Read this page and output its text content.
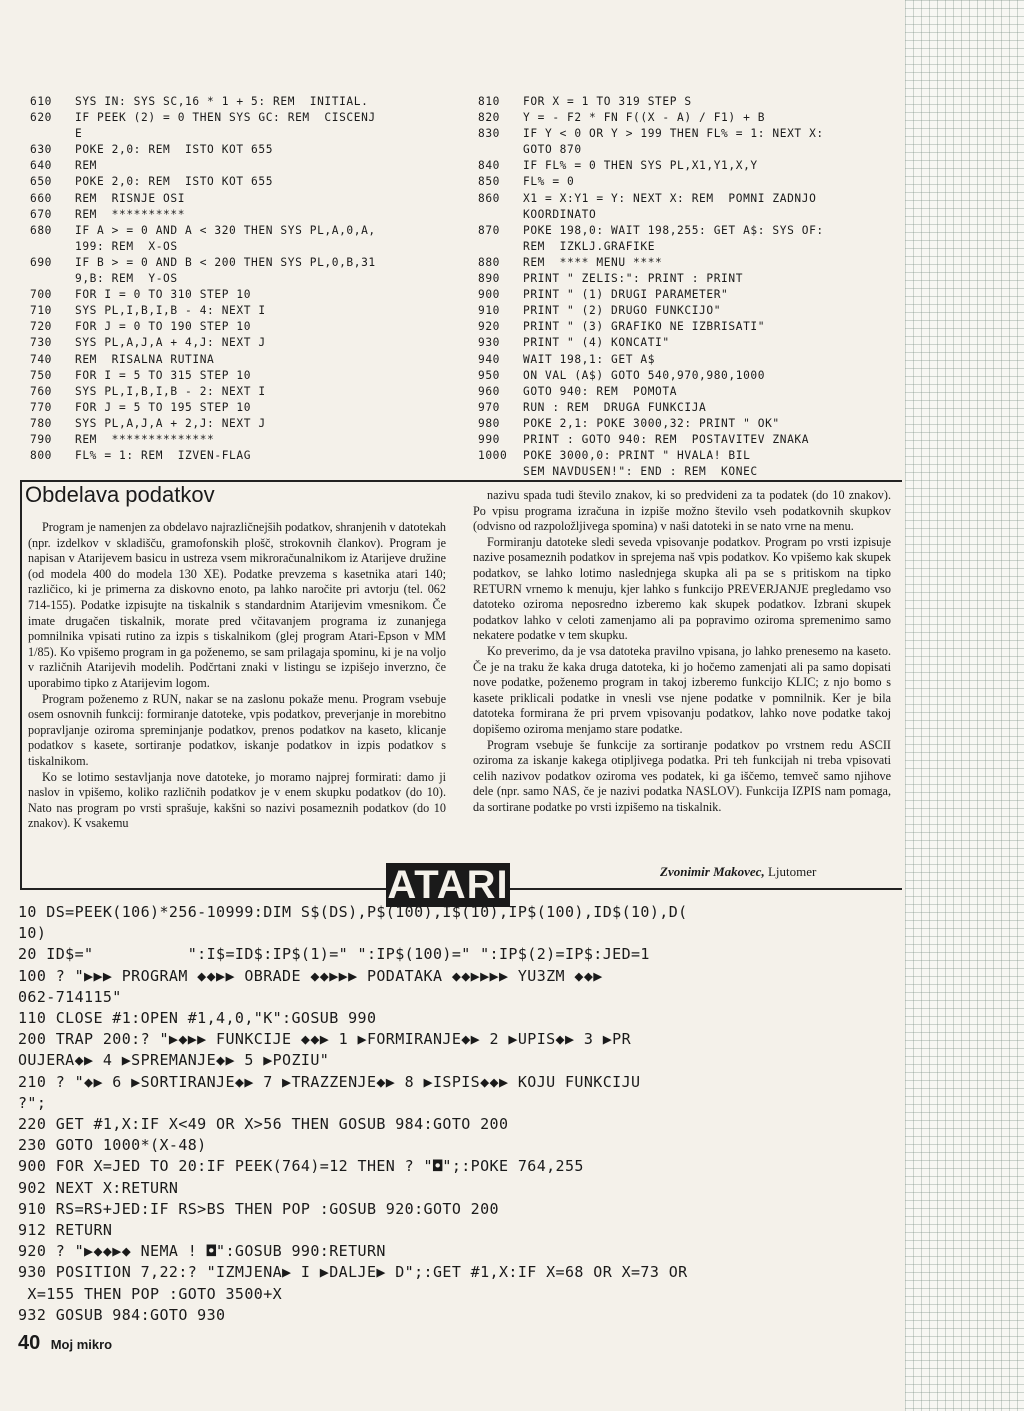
610	SYS IN: SYS SC,16 * 1 + 5: REM  INITIAL.
620	IF PEEK (2) = 0 THEN SYS GC: REM  CISCENJ
E
630	POKE 2,0: REM  ISTO KOT 655
640	REM
650	POKE 2,0: REM  ISTO KOT 655
660	REM  RISNJE OSI
670	REM  **********
680	IF A > = 0 AND A < 320 THEN SYS PL,A,0,A,
199: REM  X-OS
690	IF B > = 0 AND B < 200 THEN SYS PL,0,B,31
9,B: REM  Y-OS
700	FOR I = 0 TO 310 STEP 10
710	SYS PL,I,B,I,B - 4: NEXT I
720	FOR J = 0 TO 190 STEP 10
730	SYS PL,A,J,A + 4,J: NEXT J
740	REM  RISALNA RUTINA
750	FOR I = 5 TO 315 STEP 10
760	SYS PL,I,B,I,B - 2: NEXT I
770	FOR J = 5 TO 195 STEP 10
780	SYS PL,A,J,A + 2,J: NEXT J
790	REM  **************
800	FL% = 1: REM  IZVEN-FLAG
810	FOR X = 1 TO 319 STEP S
820	Y = - F2 * FN F((X - A) / F1) + B
830	IF Y < 0 OR Y > 199 THEN FL% = 1: NEXT X:
GOTO 870
840	IF FL% = 0 THEN SYS PL,X1,Y1,X,Y
850	FL% = 0
860	X1 = X:Y1 = Y: NEXT X: REM  POMNI ZADNJO
KOORDINATO
870	POKE 198,0: WAIT 198,255: GET A$: SYS OF:
REM  IZKLJ.GRAFIKE
880	REM  **** MENU ****
890	PRINT " ZELIS:": PRINT : PRINT
900	PRINT " (1) DRUGI PARAMETER"
910	PRINT " (2) DRUGO FUNKCIJO"
920	PRINT " (3) GRAFIKO NE IZBRISATI"
930	PRINT " (4) KONCATI"
940	WAIT 198,1: GET A$
950	ON VAL (A$) GOTO 540,970,980,1000
960	GOTO 940: REM  POMOTA
970	RUN : REM  DRUGA FUNKCIJA
980	POKE 2,1: POKE 3000,32: PRINT " OK"
990	PRINT : GOTO 940: REM  POSTAVITEV ZNAKA
1000	POKE 3000,0: PRINT " HVALA! BIL
SEM NAVDUSEN!": END : REM  KONEC
Obdelava podatkov

Program je namenjen za obdelavo najrazličnejših podatkov, shranjenih v datotekah (npr. izdelkov v skladišču, gramofonskih plošč, strokovnih člankov). Program je napisan v Atarijevem basicu in ustreza vsem mikroračunalnikom iz Atarijeve družine (od modela 400 do modela 130 XE). Podatke prevzema s kasetnika atari 140; različico, ki je primerna za diskovno enoto, pa lahko naročite pri avtorju (tel. 062 714-155). Podatke izpisujte na tiskalnik s standardnim Atarijevim vmesnikom. Če imate drugačen tiskalnik, morate pred včitavanjem programa iz zunanjega pomnilnika vpisati rutino za izpis s tiskalnikom (glej program Atari-Epson v MM 1/85). Ko vpišemo program in ga poženemo, se sam prilagaja spominu, ki je na voljo v različnih Atarijevih modelih. Podčrtani znaki v listingu se izpišejo inverzno, če uporabimo tipko z Atarijevim logom.

Program poženemo z RUN, nakar se na zaslonu pokaže menu. Program vsebuje osem osnovnih funkcij: formiranje datoteke, vpis podatkov, preverjanje in morebitno popravljanje oziroma spreminjanje podatkov, prenos podatkov na kaseto, klicanje podatkov s kasete, sortiranje podatkov, iskanje podatkov in izpis podatkov s tiskalnikom.

Ko se lotimo sestavljanja nove datoteke, jo moramo najprej formirati: damo ji naslov in vpišemo, koliko različnih podatkov je v enem skupku podatkov (do 10). Nato nas program po vrsti sprašuje, kakšni so nazivi posameznih podatkov (do 10 znakov). K vsakemu

nazivu spada tudi število znakov, ki so predvideni za ta podatek (do 10 znakov). Po vpisu programa izračuna in izpiše možno število vseh podatkovnih skupkov (odvisno od razpoložljivega spomina) v naši datoteki in se nato vrne na menu.

Formiranju datoteke sledi seveda vpisovanje podatkov. Program po vrsti izpisuje nazive posameznih podatkov in sprejema naš vpis podatkov. Ko vpišemo kak skupek podatkov, se lahko lotimo naslednjega skupka ali pa se s pritiskom na tipko RETURN vrnemo k menuju, kjer lahko s funkcijo PREVERJANJE pregledamo vso datoteko oziroma neposredno izberemo kak skupek podatkov. Izbrani skupek podatkov lahko v celoti zamenjamo ali pa popravimo oziroma spremenimo samo nekatere podatke v tem skupku.

Ko preverimo, da je vsa datoteka pravilno vpisana, jo lahko prenesemo na kaseto. Če je na traku že kaka druga datoteka, ki jo hočemo zamenjati ali pa samo dopisati nove podatke, poženemo program in takoj izberemo funkcijo KLIC; z njo bomo s kasete priklicali podatke in vnesli vse njene podatke v pomnilnik. Ker je bila datoteka formirana že pri prvem vpisovanju podatkov, lahko nove podatke takoj dopišemo oziroma menjamo stare podatke.

Program vsebuje še funkcije za sortiranje podatkov po vrstnem redu ASCII oziroma za iskanje kakega otipljivega podatka. Pri teh funkcijah ni treba vpisovati celih nazivov podatkov oziroma ves podatek, ki ga iščemo, temveč samo njihove dele (npr. samo NAS, če je nazivi podatka NASLOV). Funkcija IZPIS nam pomaga, da sortirane podatke po vrsti izpišemo na tiskalnik.

ATARI	Zvonimir Makovec, Ljutomer
10 DS=PEEK(106)*256-10999:DIM S$(DS),P$(100),I$(10),IP$(100),ID$(10),D(
10)
20 ID$="          ":I$=ID$:IP$(1)=" ":IP$(100)=" ":IP$(2)=IP$:JED=1
100 ? "▶▶▶ PROGRAM ◆◆▶▶ OBRADE ◆◆▶▶▶ PODATAKA ◆◆▶▶▶▶ YU3ZM ◆◆▶
062-714115"
110 CLOSE #1:OPEN #1,4,0,"K":GOSUB 990
200 TRAP 200:? "▶◆▶▶ FUNKCIJE ◆◆▶ 1 ▶FORMIRANJE◆▶ 2 ▶UPIS◆▶ 3 ▶PR
OUJERA◆▶ 4 ▶SPREMANJE◆▶ 5 ▶POZIU"
210 ? "◆▶ 6 ▶SORTIRANJE◆▶ 7 ▶TRAZZENJE◆▶ 8 ▶ISPIS◆◆▶ KOJU FUNKCIJU
?";
220 GET #1,X:IF X<49 OR X>56 THEN GOSUB 984:GOTO 200
230 GOTO 1000*(X-48)
900 FOR X=JED TO 20:IF PEEK(764)=12 THEN ? "◘";:POKE 764,255
902 NEXT X:RETURN
910 RS=RS+JED:IF RS>BS THEN POP :GOSUB 920:GOTO 200
912 RETURN
920 ? "▶◆◆▶◆ NEMA ! ◘":GOSUB 990:RETURN
930 POSITION 7,22:? "IZMJENA▶ I ▶DALJE▶ D";:GET #1,X:IF X=68 OR X=73 OR
X=155 THEN POP :GOTO 3500+X
932 GOSUB 984:GOTO 930
40 Moj mikro
